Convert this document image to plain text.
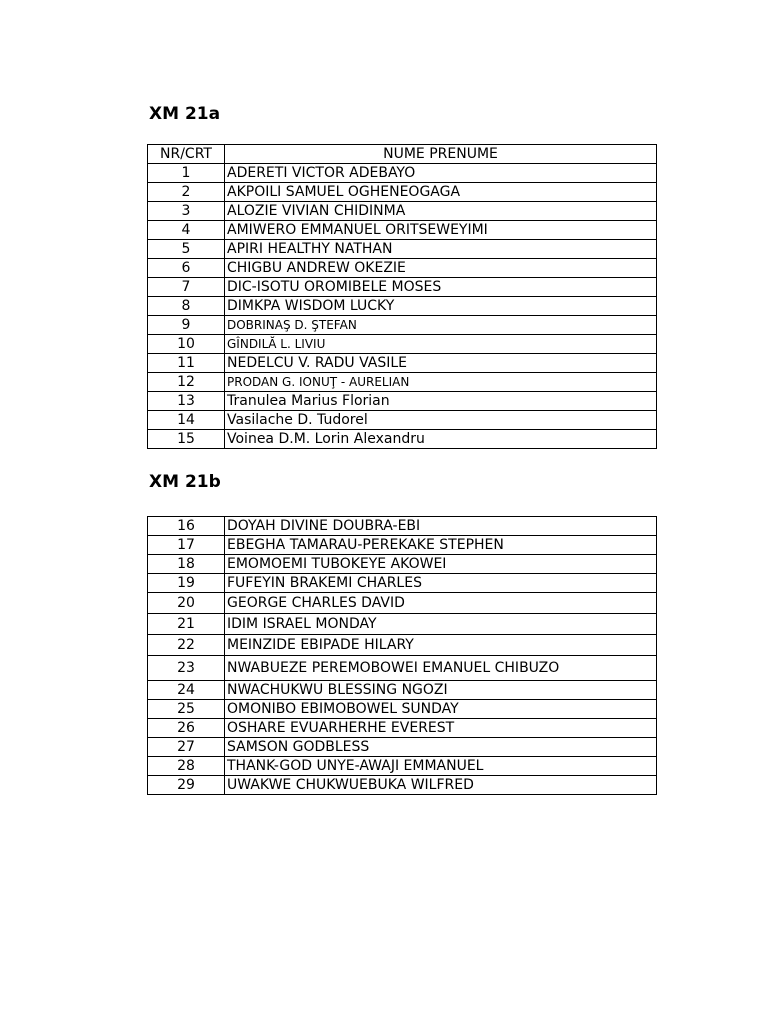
XM 21a
NR/CRT	NUME PRENUME
1	ADERETI VICTOR ADEBAYO
2	AKPOILI SAMUEL OGHENEOGAGA
3	ALOZIE VIVIAN CHIDINMA
4	AMIWERO EMMANUEL ORITSEWEYIMI
5	APIRI HEALTHY NATHAN
6	CHIGBU ANDREW OKEZIE
7	DIC-ISOTU OROMIBELE MOSES
8	DIMKPA WISDOM LUCKY
9	DOBRINAŞ D. ŞTEFAN
10	GÎNDILĂ L. LIVIU
11	NEDELCU V. RADU VASILE
12	PRODAN G. IONUŢ - AURELIAN
13	Tranulea Marius Florian
14	Vasilache D. Tudorel
15	Voinea D.M. Lorin Alexandru
XM 21b
16	DOYAH DIVINE DOUBRA-EBI
17	EBEGHA TAMARAU-PEREKAKE STEPHEN
18	EMOMOEMI TUBOKEYE AKOWEI
19	FUFEYIN BRAKEMI CHARLES
20	GEORGE CHARLES DAVID
21	IDIM ISRAEL MONDAY
22	MEINZIDE EBIPADE HILARY
23	NWABUEZE PEREMOBOWEI EMANUEL CHIBUZO
24	NWACHUKWU BLESSING NGOZI
25	OMONIBO EBIMOBOWEL SUNDAY
26	OSHARE EVUARHERHE EVEREST
27	SAMSON GODBLESS
28	THANK-GOD UNYE-AWAJI EMMANUEL
29	UWAKWE CHUKWUEBUKA WILFRED
